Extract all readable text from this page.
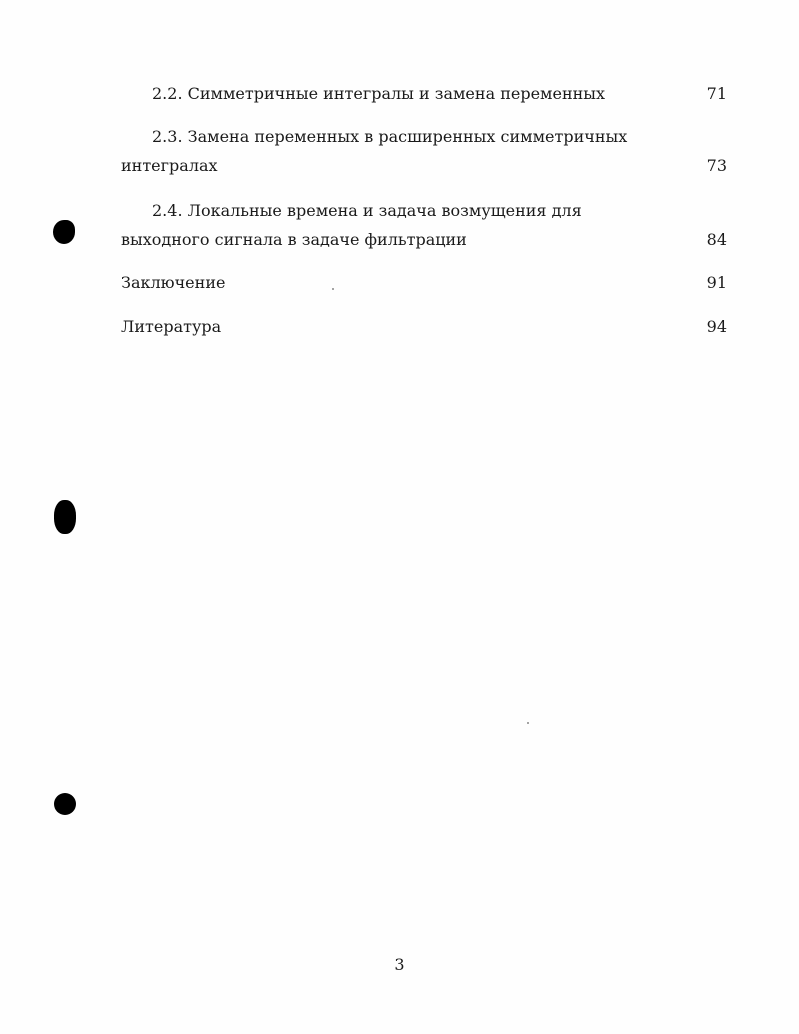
2.2. Симметричные интегралы и замена переменных	71
2.3. Замена переменных в расширенных симметричных интегралах	73
2.4. Локальные времена и задача возмущения для выходного сигнала в задаче фильтрации	84
Заключение	91
Литература	94
3
